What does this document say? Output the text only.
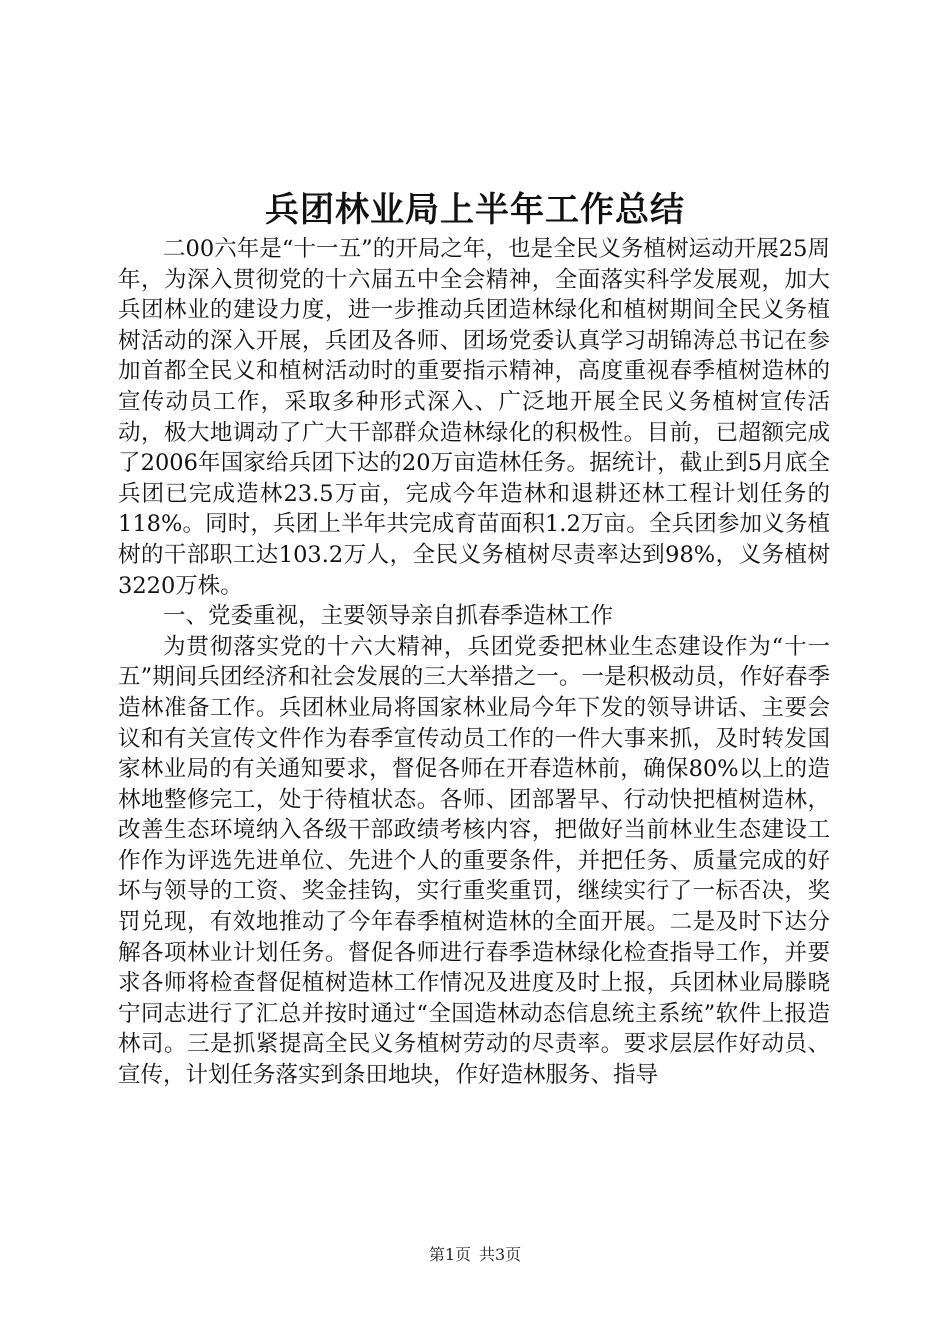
兵团林业局上半年工作总结

二00六年是“十一五”的开局之年，也是全民义务植树运动开展25周年，为深入贯彻党的十六届五中全会精神，全面落实科学发展观，加大兵团林业的建设力度，进一步推动兵团造林绿化和植树期间全民义务植树活动的深入开展，兵团及各师、团场党委认真学习胡锦涛总书记在参加首都全民义和植树活动时的重要指示精神，高度重视春季植树造林的宣传动员工作，采取多种形式深入、广泛地开展全民义务植树宣传活动，极大地调动了广大干部群众造林绿化的积极性。目前，已超额完成了2006年国家给兵团下达的20万亩造林任务。据统计，截止到5月底全兵团已完成造林23.5万亩，完成今年造林和退耕还林工程计划任务的118%。同时，兵团上半年共完成育苗面积1.2万亩。全兵团参加义务植树的干部职工达103.2万人，全民义务植树尽责率达到98%，义务植树3220万株。

一、党委重视，主要领导亲自抓春季造林工作

为贯彻落实党的十六大精神，兵团党委把林业生态建设作为“十一五”期间兵团经济和社会发展的三大举措之一。一是积极动员，作好春季造林准备工作。兵团林业局将国家林业局今年下发的领导讲话、主要会议和有关宣传文件作为春季宣传动员工作的一件大事来抓，及时转发国家林业局的有关通知要求，督促各师在开春造林前，确保80%以上的造林地整修完工，处于待植状态。各师、团部署早、行动快把植树造林，改善生态环境纳入各级干部政绩考核内容，把做好当前林业生态建设工作作为评选先进单位、先进个人的重要条件，并把任务、质量完成的好坏与领导的工资、奖金挂钩，实行重奖重罚，继续实行了一标否决，奖罚兑现，有效地推动了今年春季植树造林的全面开展。二是及时下达分解各项林业计划任务。督促各师进行春季造林绿化检查指导工作，并要求各师将检查督促植树造林工作情况及进度及时上报，兵团林业局滕晓宁同志进行了汇总并按时通过“全国造林动态信息统主系统”软件上报造林司。三是抓紧提高全民义务植树劳动的尽责率。要求层层作好动员、宣传，计划任务落实到条田地块，作好造林服务、指导

第1页 共3页
